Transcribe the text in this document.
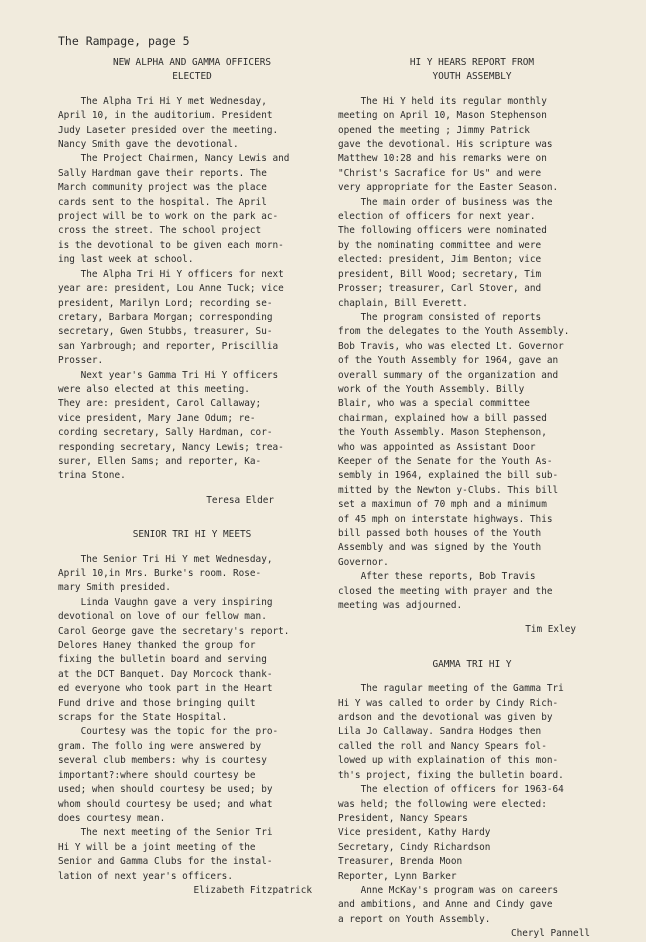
The Rampage, page 5
NEW ALPHA AND GAMMA OFFICERS
ELECTED

The Alpha Tri Hi Y met Wednesday,
April 10, in the auditorium. President
Judy Laseter presided over the meeting.
Nancy Smith gave the devotional.

The Project Chairmen, Nancy Lewis and
Sally Hardman gave their reports. The
March community project was the place
cards sent to the hospital. The April
project will be to work on the park ac-
cross the street. The school project
is the devotional to be given each morn-
ing last week at school.

The Alpha Tri Hi Y officers for next
year are: president, Lou Anne Tuck; vice
president, Marilyn Lord; recording se-
cretary, Barbara Morgan; corresponding
secretary, Gwen Stubbs, treasurer, Su-
san Yarbrough; and reporter, Priscillia
Prosser.

Next year's Gamma Tri Hi Y officers
were also elected at this meeting.
They are: president, Carol Callaway;
vice president, Mary Jane Odum; re-
cording secretary, Sally Hardman, cor-
responding secretary, Nancy Lewis; trea-
surer, Ellen Sams; and reporter, Ka-
trina Stone.

Teresa Elder

SENIOR TRI HI Y MEETS

The Senior Tri Hi Y met Wednesday,
April 10,in Mrs. Burke's room. Rose-
mary Smith presided.

Linda Vaughn gave a very inspiring
devotional on love of our fellow man.
Carol George gave the secretary's report.
Delores Haney thanked the group for
fixing the bulletin board and serving
at the DCT Banquet. Day Morcock thank-
ed everyone who took part in the Heart
Fund drive and those bringing quilt
scraps for the State Hospital.

Courtesy was the topic for the pro-
gram. The follo ing were answered by
several club members: why is courtesy
important?:where should courtesy be
used; when should courtesy be used; by
whom should courtesy be used; and what
does courtesy mean.

The next meeting of the Senior Tri
Hi Y will be a joint meeting of the
Senior and Gamma Clubs for the instal-
lation of next year's officers.

Elizabeth Fitzpatrick

HI Y HEARS REPORT FROM
YOUTH ASSEMBLY

The Hi Y held its regular monthly
meeting on April 10, Mason Stephenson
opened the meeting ; Jimmy Patrick
gave the devotional. His scripture was
Matthew 10:28 and his remarks were on
"Christ's Sacrafice for Us" and were
very appropriate for the Easter Season.

The main order of business was the
election of officers for next year.
The following officers were nominated
by the nominating committee and were
elected: president, Jim Benton; vice
president, Bill Wood; secretary, Tim
Prosser; treasurer, Carl Stover, and
chaplain, Bill Everett.

The program consisted of reports
from the delegates to the Youth Assembly.
Bob Travis, who was elected Lt. Governor
of the Youth Assembly for 1964, gave an
overall summary of the organization and
work of the Youth Assembly. Billy
Blair, who was a special committee
chairman, explained how a bill passed
the Youth Assembly. Mason Stephenson,
who was appointed as Assistant Door
Keeper of the Senate for the Youth As-
sembly in 1964, explained the bill sub-
mitted by the Newton y-Clubs. This bill
set a maximun of 70 mph and a minimum
of 45 mph on interstate highways. This
bill passed both houses of the Youth
Assembly and was signed by the Youth
Governor.

After these reports, Bob Travis
closed the meeting with prayer and the
meeting was adjourned.

Tim Exley

GAMMA TRI HI Y

The ragular meeting of the Gamma Tri
Hi Y was called to order by Cindy Rich-
ardson and the devotional was given by
Lila Jo Callaway. Sandra Hodges then
called the roll and Nancy Spears fol-
lowed up with explaination of this mon-
th's project, fixing the bulletin board.

The election of officers for 1963-64
was held; the following were elected:
President, Nancy Spears
Vice president, Kathy Hardy
Secretary, Cindy Richardson
Treasurer, Brenda Moon
Reporter, Lynn Barker

Anne McKay's program was on careers
and ambitions, and Anne and Cindy gave
a report on Youth Assembly.

Cheryl Pannell
